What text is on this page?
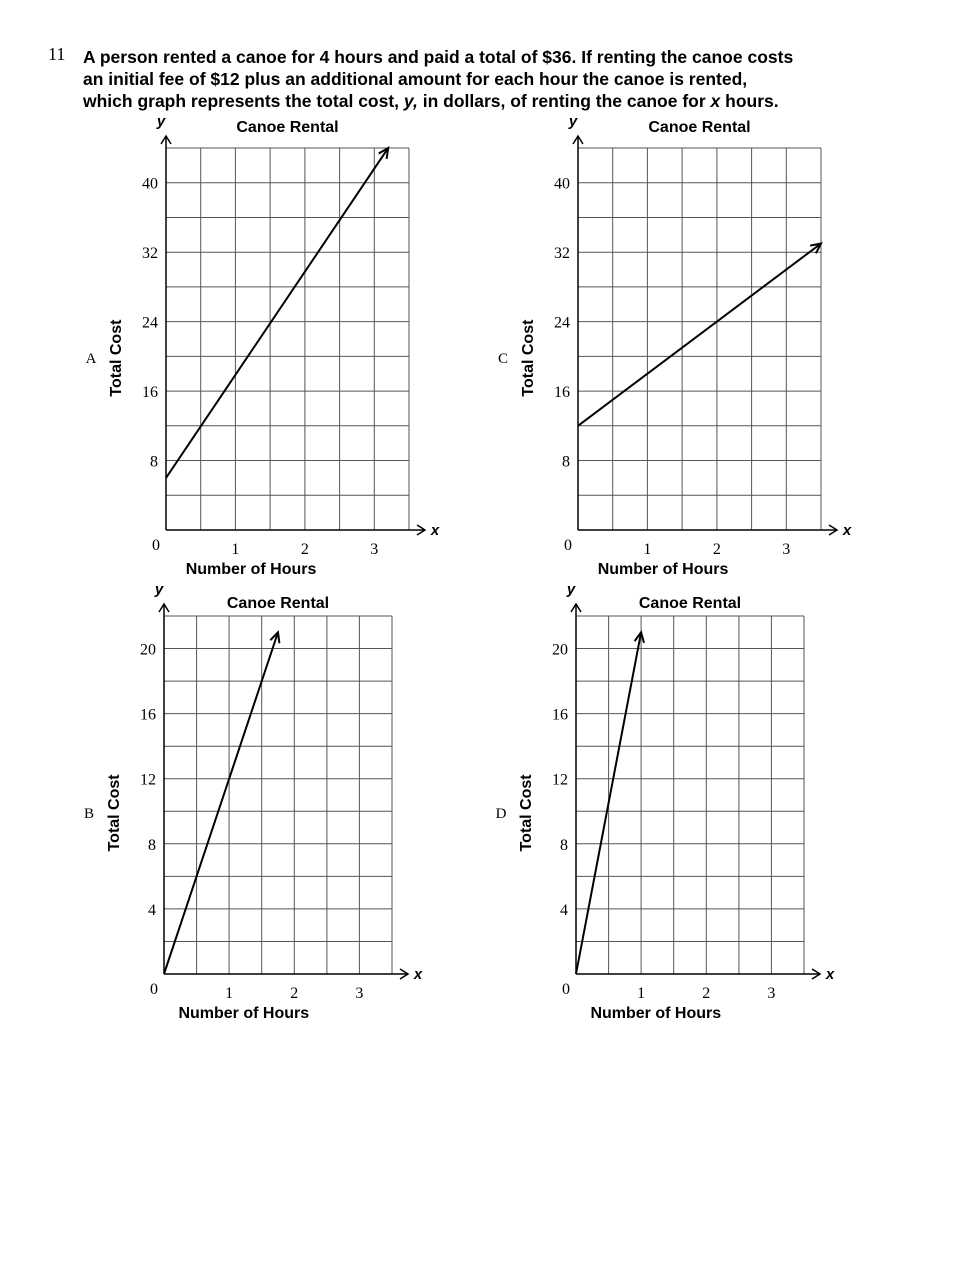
11 A person rented a canoe for 4 hours and paid a total of $36. If renting the canoe costs

an initial fee of $12 plus an additional amount for each hour the canoe is rented,

which graph represents the total cost, y, in dollars, of renting the canoe for x hours.

y
x
Canoe Rental
0	1	2	3
8
16
24
32
40
Number of Hours
Total Cost
A
y
x
Canoe Rental
0	1	2	3
8
16
24
32
40
Number of Hours
Total Cost
C
y
x
Canoe Rental
0	1	2	3
4
8
12
16
20
Number of Hours
Total Cost
B
y
x
Canoe Rental
0	1	2	3
4
8
12
16
20
Number of Hours
Total Cost
D
